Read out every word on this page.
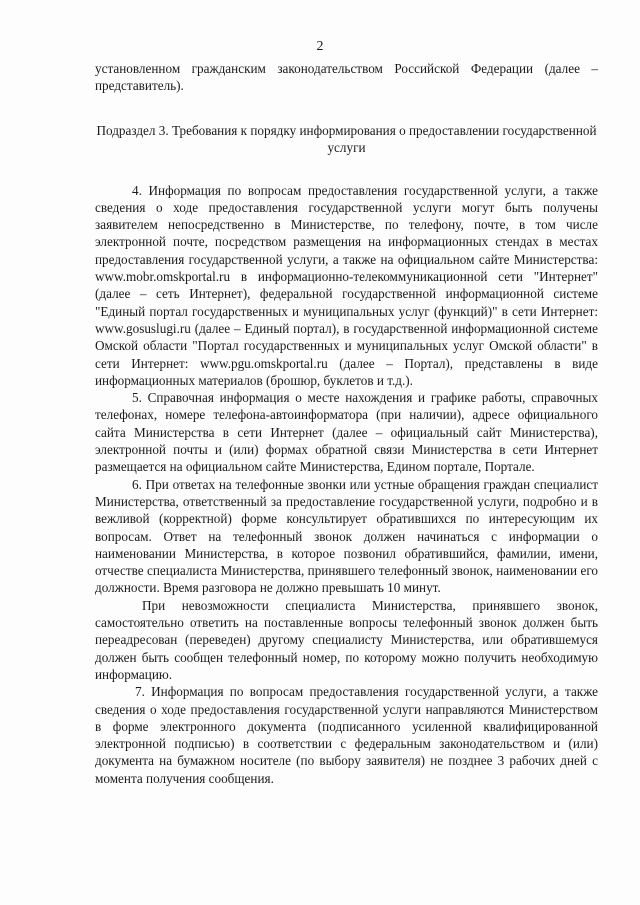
2

установленном гражданским законодательством Российской Федерации (далее – представитель).

Подраздел 3. Требования к порядку информирования о предоставлении государственной услуги

4. Информация по вопросам предоставления государственной услуги, а также сведения о ходе предоставления государственной услуги могут быть получены заявителем непосредственно в Министерстве, по телефону, почте, в том числе электронной почте, посредством размещения на информационных стендах в местах предоставления государственной услуги, а также на официальном сайте Министерства: www.mobr.omskportal.ru в информационно-телекоммуникационной сети "Интернет" (далее – сеть Интернет), федеральной государственной информационной системе "Единый портал государственных и муниципальных услуг (функций)" в сети Интернет: www.gosuslugi.ru (далее – Единый портал), в государственной информационной системе Омской области "Портал государственных и муниципальных услуг Омской области" в сети Интернет: www.pgu.omskportal.ru (далее – Портал), представлены в виде информационных материалов (брошюр, буклетов и т.д.).

5. Справочная информация о месте нахождения и графике работы, справочных телефонах, номере телефона-автоинформатора (при наличии), адресе официального сайта Министерства в сети Интернет (далее – официальный сайт Министерства), электронной почты и (или) формах обратной связи Министерства в сети Интернет размещается на официальном сайте Министерства, Едином портале, Портале.

6. При ответах на телефонные звонки или устные обращения граждан специалист Министерства, ответственный за предоставление государственной услуги, подробно и в вежливой (корректной) форме консультирует обратившихся по интересующим их вопросам. Ответ на телефонный звонок должен начинаться с информации о наименовании Министерства, в которое позвонил обратившийся, фамилии, имени, отчестве специалиста Министерства, принявшего телефонный звонок, наименовании его должности. Время разговора не должно превышать 10 минут.

При невозможности специалиста Министерства, принявшего звонок, самостоятельно ответить на поставленные вопросы телефонный звонок должен быть переадресован (переведен) другому специалисту Министерства, или обратившемуся должен быть сообщен телефонный номер, по которому можно получить необходимую информацию.

7. Информация по вопросам предоставления государственной услуги, а также сведения о ходе предоставления государственной услуги направляются Министерством в форме электронного документа (подписанного усиленной квалифицированной электронной подписью) в соответствии с федеральным законодательством и (или) документа на бумажном носителе (по выбору заявителя) не позднее 3 рабочих дней с момента получения сообщения.
